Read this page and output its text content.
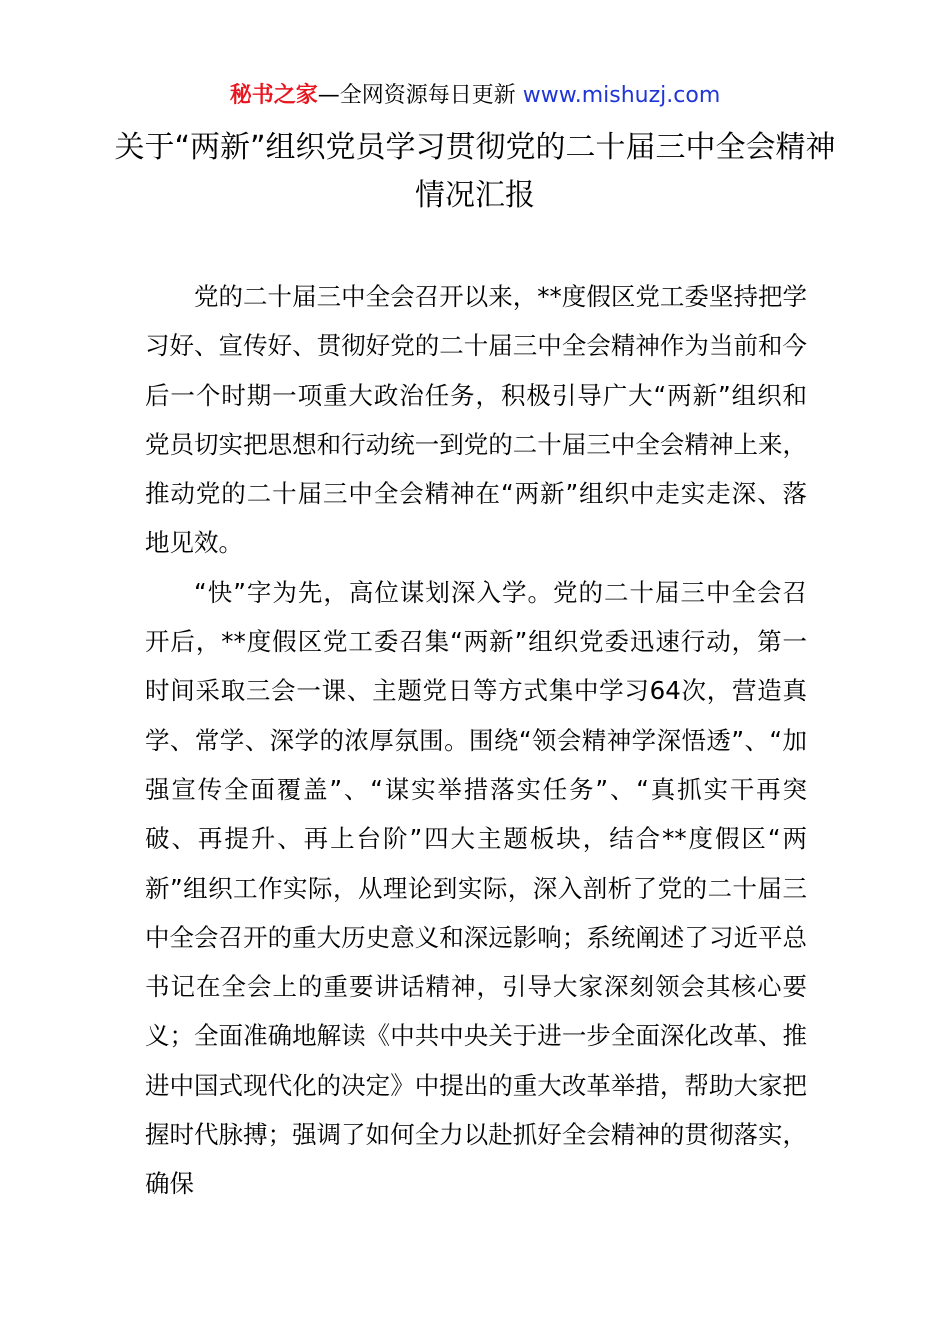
秘书之家—全网资源每日更新 www.mishuzj.com
关于“两新”组织党员学习贯彻党的二十届三中全会精神情况汇报

党的二十届三中全会召开以来，**度假区党工委坚持把学习好、宣传好、贯彻好党的二十届三中全会精神作为当前和今后一个时期一项重大政治任务，积极引导广大“两新”组织和党员切实把思想和行动统一到党的二十届三中全会精神上来，推动党的二十届三中全会精神在“两新”组织中走实走深、落地见效。

“快”字为先，高位谋划深入学。党的二十届三中全会召开后，**度假区党工委召集“两新”组织党委迅速行动，第一时间采取三会一课、主题党日等方式集中学习64次，营造真学、常学、深学的浓厚氛围。围绕“领会精神学深悟透”、“加强宣传全面覆盖”、“谋实举措落实任务”、“真抓实干再突破、再提升、再上台阶”四大主题板块，结合**度假区“两新”组织工作实际，从理论到实际，深入剖析了党的二十届三中全会召开的重大历史意义和深远影响；系统阐述了习近平总书记在全会上的重要讲话精神，引导大家深刻领会其核心要义；全面准确地解读《中共中央关于进一步全面深化改革、推进中国式现代化的决定》中提出的重大改革举措，帮助大家把握时代脉搏；强调了如何全力以赴抓好全会精神的贯彻落实，确保
